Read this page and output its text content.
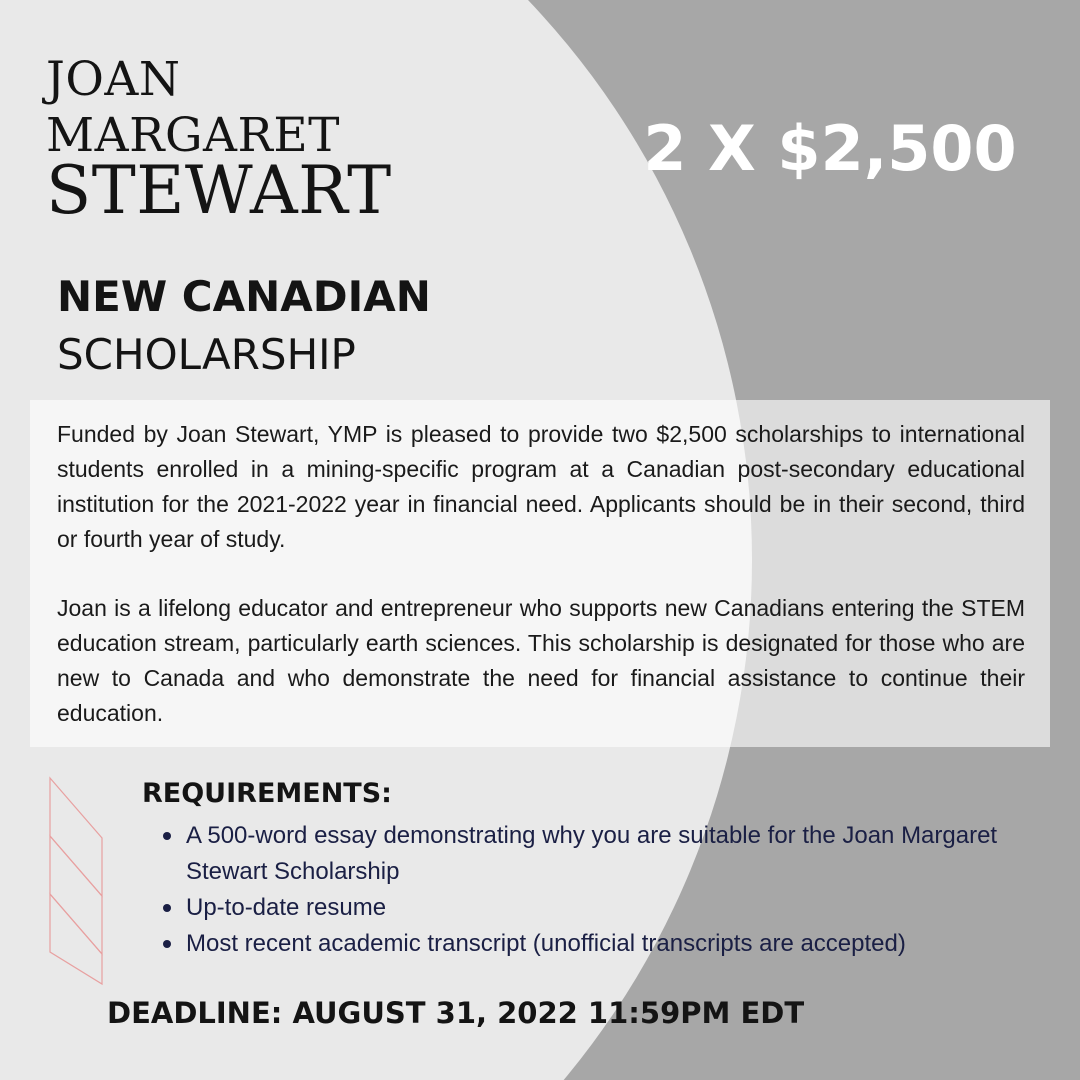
JOAN
MARGARET
STEWART
2 X $2,500
NEW CANADIAN
SCHOLARSHIP

Funded by Joan Stewart, YMP is pleased to provide two $2,500 scholarships to international students enrolled in a mining-specific program at a Canadian post-secondary educational institution for the 2021-2022 year in financial need. Applicants should be in their second, third or fourth year of study.

Joan is a lifelong educator and entrepreneur who supports new Canadians entering the STEM education stream, particularly earth sciences. This scholarship is designated for those who are new to Canada and who demonstrate the need for financial assistance to continue their education.

REQUIREMENTS:
A 500-word essay demonstrating why you are suitable for the Joan Margaret Stewart Scholarship
Up-to-date resume
Most recent academic transcript (unofficial transcripts are accepted)
DEADLINE: AUGUST 31, 2022 11:59PM EDT
